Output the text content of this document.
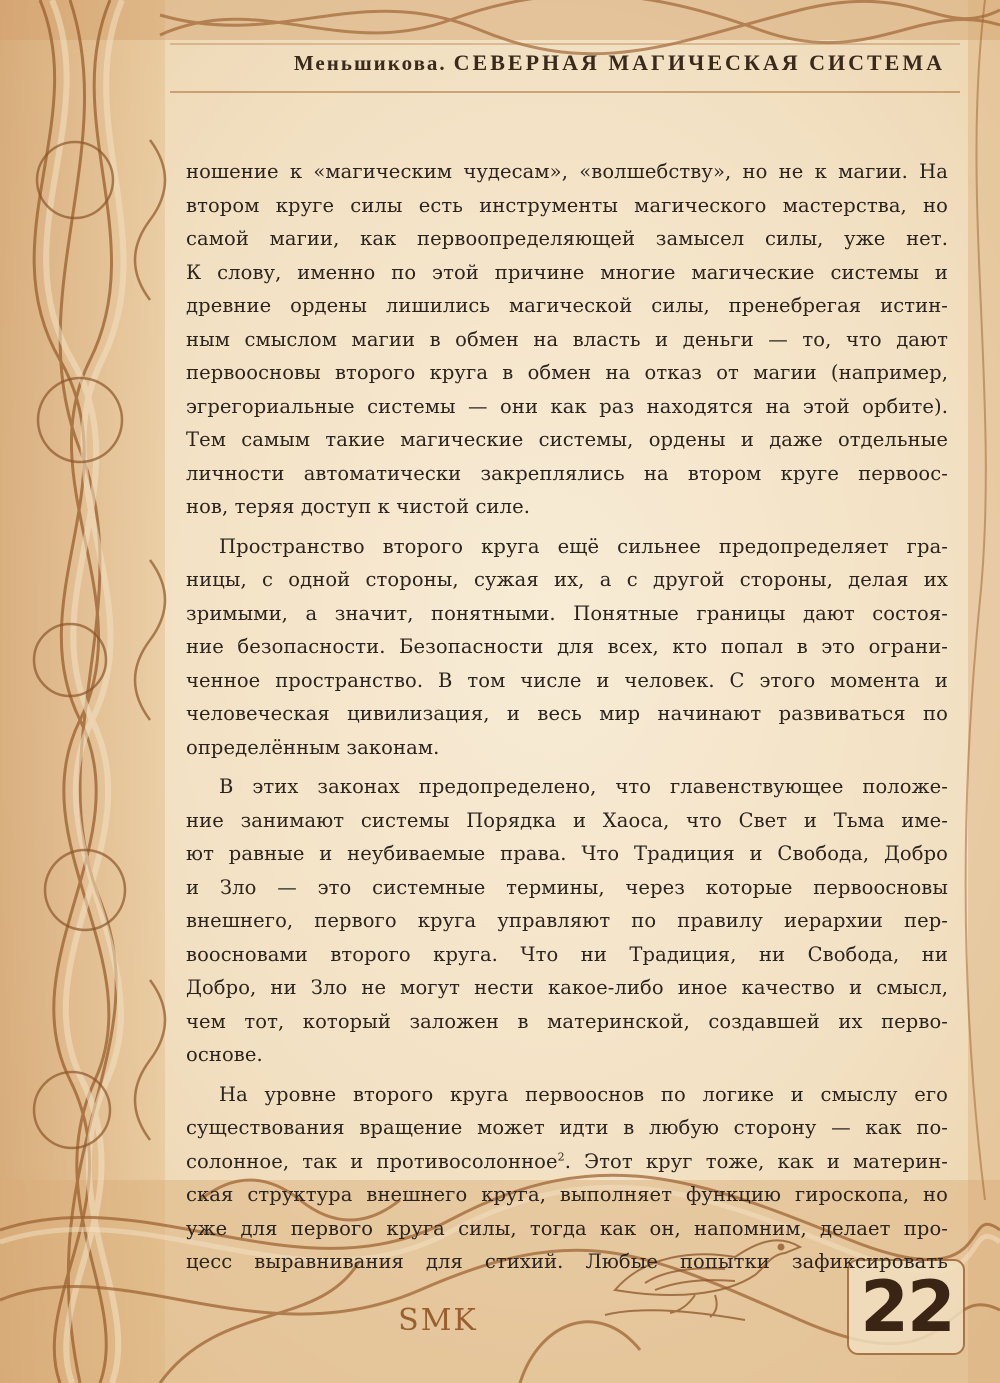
SMK
Меньшикова. СЕВЕРНАЯ МАГИЧЕСКАЯ СИСТЕМА
ношение к «магическим чудесам», «волшебству», но не к магии. На
втором круге силы есть инструменты магического мастерства, но
самой магии, как первоопределяющей замысел силы, уже нет.
К слову, именно по этой причине многие магические системы и
древние ордены лишились магической силы, пренебрегая истин-
ным смыслом магии в обмен на власть и деньги — то, что дают
первоосновы второго круга в обмен на отказ от магии (например,
эгрегориальные системы — они как раз находятся на этой орбите).
Тем самым такие магические системы, ордены и даже отдельные
личности автоматически закреплялись на втором круге первоос-
нов, теряя доступ к чистой силе.
Пространство второго круга ещё сильнее предопределяет гра-
ницы, с одной стороны, сужая их, а с другой стороны, делая их
зримыми, а значит, понятными. Понятные границы дают состоя-
ние безопасности. Безопасности для всех, кто попал в это ограни-
ченное пространство. В том числе и человек. С этого момента и
человеческая цивилизация, и весь мир начинают развиваться по
определённым законам.
В этих законах предопределено, что главенствующее положе-
ние занимают системы Порядка и Хаоса, что Свет и Тьма име-
ют равные и неубиваемые права. Что Традиция и Свобода, Добро
и Зло — это системные термины, через которые первоосновы
внешнего, первого круга управляют по правилу иерархии пер-
воосновами второго круга. Что ни Традиция, ни Свобода, ни
Добро, ни Зло не могут нести какое-либо иное качество и смысл,
чем тот, который заложен в материнской, создавшей их перво-
основе.
На уровне второго круга первооснов по логике и смыслу его
существования вращение может идти в любую сторону — как по-
солонное, так и противосолонное$^2$. Этот круг тоже, как и материн-
ская структура внешнего круга, выполняет функцию гироскопа, но
уже для первого круга силы, тогда как он, напомним, делает про-
цесс выравнивания для стихий. Любые попытки зафиксировать
22
